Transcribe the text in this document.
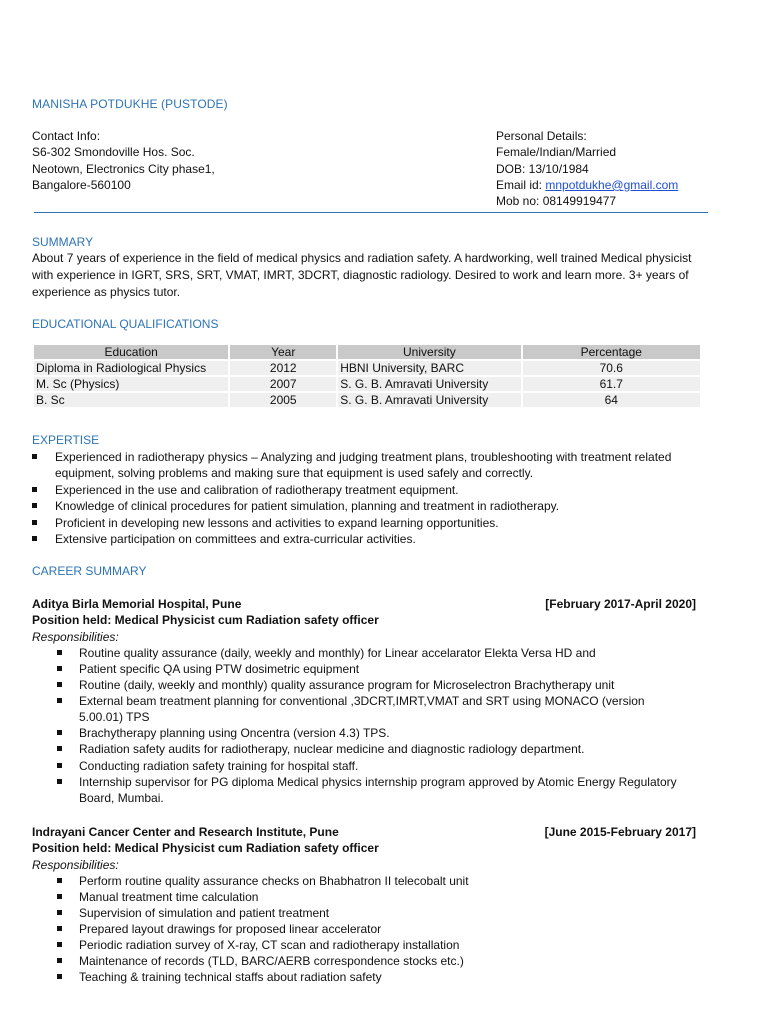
MANISHA POTDUKHE (PUSTODE)
Contact Info:
S6-302 Smondoville Hos. Soc.
Neotown, Electronics City phase1,
Bangalore-560100
Personal Details:
Female/Indian/Married
DOB: 13/10/1984
Email id: mnpotdukhe@gmail.com
Mob no: 08149919477
SUMMARY
About 7 years of experience in the field of medical physics and radiation safety. A hardworking, well trained Medical physicist with experience in IGRT, SRS, SRT, VMAT, IMRT, 3DCRT, diagnostic radiology. Desired to work and learn more. 3+ years of experience as physics tutor.
EDUCATIONAL QUALIFICATIONS
Education	Year	University	Percentage
Diploma in Radiological Physics	2012	HBNI University, BARC	70.6
M. Sc (Physics)	2007	S. G. B. Amravati University	61.7
B. Sc	2005	S. G. B. Amravati University	64
EXPERTISE
Experienced in radiotherapy physics – Analyzing and judging treatment plans, troubleshooting with treatment related equipment, solving problems and making sure that equipment is used safely and correctly.
Experienced in the use and calibration of radiotherapy treatment equipment.
Knowledge of clinical procedures for patient simulation, planning and treatment in radiotherapy.
Proficient in developing new lessons and activities to expand learning opportunities.
Extensive participation on committees and extra-curricular activities.
CAREER SUMMARY
Aditya Birla Memorial Hospital, Pune	[February 2017-April 2020]
Position held: Medical Physicist cum Radiation safety officer
Responsibilities:
Routine quality assurance (daily, weekly and monthly) for Linear accelarator Elekta Versa HD and
Patient specific QA using PTW dosimetric equipment
Routine (daily, weekly and monthly) quality assurance program for Microselectron Brachytherapy unit
External beam treatment planning for conventional ,3DCRT,IMRT,VMAT and SRT using MONACO (version 5.00.01) TPS
Brachytherapy planning using Oncentra (version 4.3) TPS.
Radiation safety audits for radiotherapy, nuclear medicine and diagnostic radiology department.
Conducting radiation safety training for hospital staff.
Internship supervisor for PG diploma Medical physics internship program approved by Atomic Energy Regulatory Board, Mumbai.
Indrayani Cancer Center and Research Institute, Pune	[June 2015-February 2017]
Position held: Medical Physicist cum Radiation safety officer
Responsibilities:
Perform routine quality assurance checks on Bhabhatron II telecobalt unit
Manual treatment time calculation
Supervision of simulation and patient treatment
Prepared layout drawings for proposed linear accelerator
Periodic radiation survey of X-ray, CT scan and radiotherapy installation
Maintenance of records (TLD, BARC/AERB correspondence stocks etc.)
Teaching & training technical staffs about radiation safety
